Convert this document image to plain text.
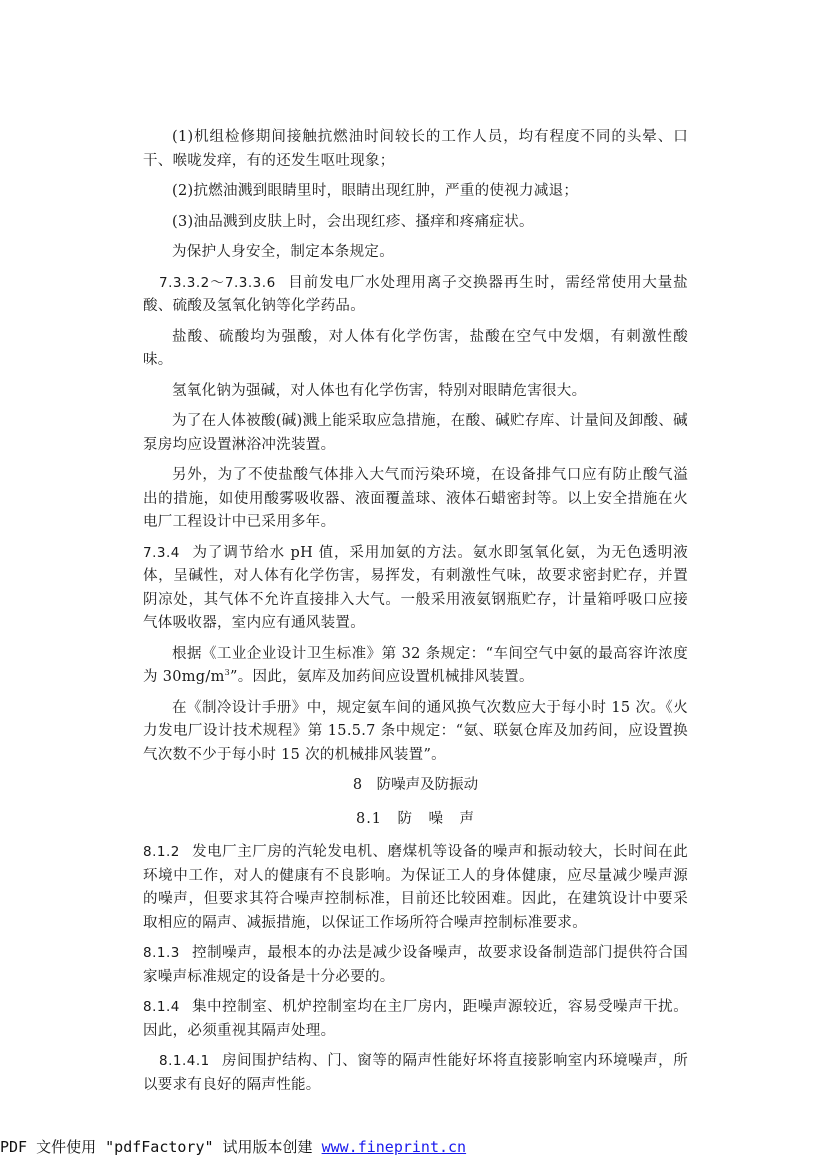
(1)机组检修期间接触抗燃油时间较长的工作人员，均有程度不同的头晕、口干、喉咙发痒，有的还发生呕吐现象；

(2)抗燃油溅到眼睛里时，眼睛出现红肿，严重的使视力减退；

(3)油品溅到皮肤上时，会出现红疹、搔痒和疼痛症状。

为保护人身安全，制定本条规定。

7.3.3.2～7.3.3.6 目前发电厂水处理用离子交换器再生时，需经常使用大量盐酸、硫酸及氢氧化钠等化学药品。

盐酸、硫酸均为强酸，对人体有化学伤害，盐酸在空气中发烟，有刺激性酸味。

氢氧化钠为强碱，对人体也有化学伤害，特别对眼睛危害很大。

为了在人体被酸(碱)溅上能采取应急措施，在酸、碱贮存库、计量间及卸酸、碱泵房均应设置淋浴冲洗装置。

另外，为了不使盐酸气体排入大气而污染环境，在设备排气口应有防止酸气溢出的措施，如使用酸雾吸收器、液面覆盖球、液体石蜡密封等。以上安全措施在火电厂工程设计中已采用多年。

7.3.4 为了调节给水 pH 值，采用加氨的方法。氨水即氢氧化氨，为无色透明液体，呈碱性，对人体有化学伤害，易挥发，有刺激性气味，故要求密封贮存，并置阴凉处，其气体不允许直接排入大气。一般采用液氨钢瓶贮存，计量箱呼吸口应接气体吸收器，室内应有通风装置。

根据《工业企业设计卫生标准》第 32 条规定：“车间空气中氨的最高容许浓度为 $30mg/m^3$”。因此，氨库及加药间应设置机械排风装置。

在《制冷设计手册》中，规定氨车间的通风换气次数应大于每小时 15 次。《火力发电厂设计技术规程》第 15.5.7 条中规定：“氨、联氨仓库及加药间，应设置换气次数不少于每小时 15 次的机械排风装置”。

8　防噪声及防振动
8.1　防　噪　声

8.1.2 发电厂主厂房的汽轮发电机、磨煤机等设备的噪声和振动较大，长时间在此环境中工作，对人的健康有不良影响。为保证工人的身体健康，应尽量减少噪声源的噪声，但要求其符合噪声控制标准，目前还比较困难。因此，在建筑设计中要采取相应的隔声、减振措施，以保证工作场所符合噪声控制标准要求。

8.1.3 控制噪声，最根本的办法是减少设备噪声，故要求设备制造部门提供符合国家噪声标准规定的设备是十分必要的。

8.1.4 集中控制室、机炉控制室均在主厂房内，距噪声源较近，容易受噪声干扰。因此，必须重视其隔声处理。

8.1.4.1 房间围护结构、门、窗等的隔声性能好坏将直接影响室内环境噪声，所以要求有良好的隔声性能。

PDF 文件使用 "pdfFactory" 试用版本创建 www.fineprint.cn
